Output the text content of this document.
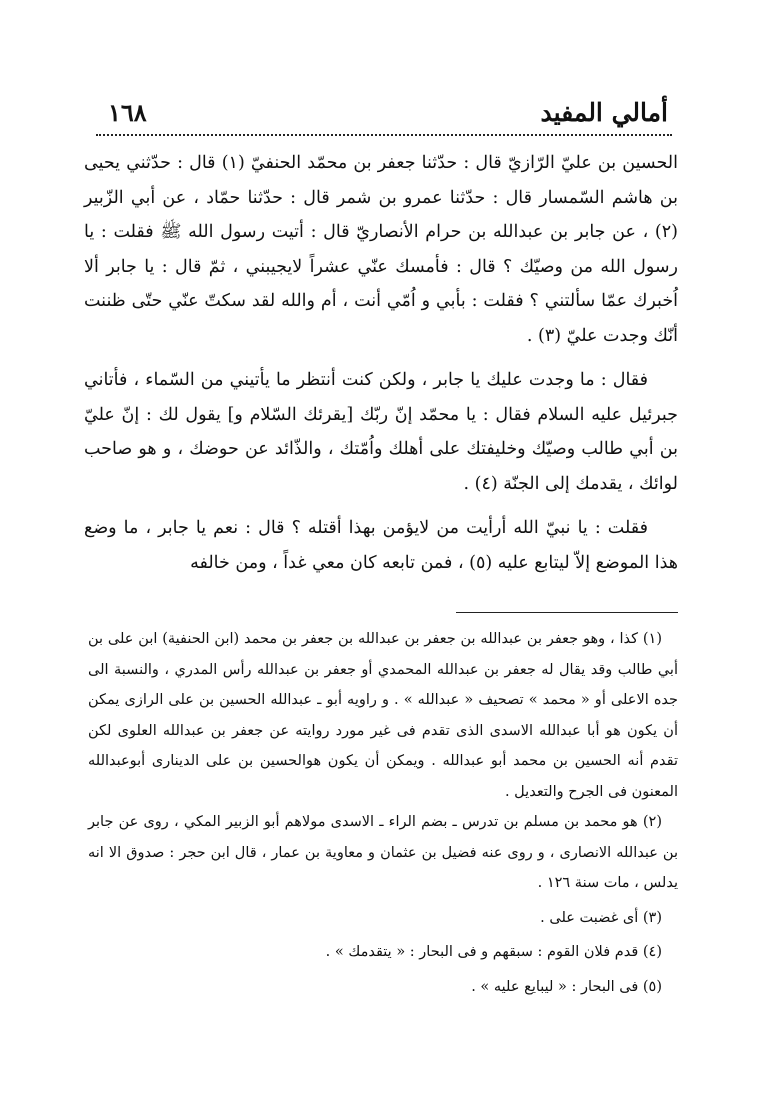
١٦٨	أمالي المفيد

الحسين بن عليّ الرّازيّ قال : حدّثنا جعفر بن محمّد الحنفيّ (١) قال : حدّثني يحيى بن هاشم السّمسار قال : حدّثنا عمرو بن شمر قال : حدّثنا حمّاد ، عن أبي الزّبير (٢) ، عن جابر بن عبدالله بن حرام الأنصاريّ قال : أتيت رسول الله ﷺ فقلت : يا رسول الله من وصيّك ؟ قال : فأمسك عنّي عشراً لايجيبني ، ثمّ قال : يا جابر ألا اُخبرك عمّا سألتني ؟ فقلت : بأبي و اُمّي أنت ، أم والله لقد سكتّ عنّي حتّى ظننت أنّك وجدت عليّ (٣) .

فقال : ما وجدت عليك يا جابر ، ولكن كنت أنتظر ما يأتيني من السّماء ، فأتاني جبرئيل عليه السلام فقال : يا محمّد إنّ ربّك [يقرئك السّلام و] يقول لك : إنّ عليّ بن أبي طالب وصيّك وخليفتك على أهلك واُمّتك ، والذّائد عن حوضك ، و هو صاحب لوائك ، يقدمك إلى الجنّة (٤) .

فقلت : يا نبيّ الله أرأيت من لايؤمن بهذا أقتله ؟ قال : نعم يا جابر ، ما وضع هذا الموضع إلاّ ليتابع عليه (٥) ، فمن تابعه كان معي غداً ، ومن خالفه

(١) كذا ، وهو جعفر بن عبدالله بن جعفر بن عبدالله بن جعفر بن محمد (ابن الحنفية) ابن على بن أبي طالب وقد يقال له جعفر بن عبدالله المحمدي أو جعفر بن عبدالله رأس المدري ، والنسبة الى جده الاعلى أو « محمد » تصحيف « عبدالله » . و راويه أبو ـ عبدالله الحسين بن على الرازى يمكن أن يكون هو أبا عبدالله الاسدى الذى تقدم فى غير مورد روايته عن جعفر بن عبدالله العلوى لكن تقدم أنه الحسين بن محمد أبو عبدالله . ويمكن أن يكون هوالحسين بن على الدينارى أبوعبدالله المعنون فى الجرح والتعديل .

(٢) هو محمد بن مسلم بن تدرس ـ بضم الراء ـ الاسدى مولاهم أبو الزبير المكي ، روى عن جابر بن عبدالله الانصارى ، و روى عنه فضيل بن عثمان و معاوية بن عمار ، قال ابن حجر : صدوق الا انه يدلس ، مات سنة ١٢٦ .

(٣) أى غضبت على .

(٤) قدم فلان القوم : سبقهم و فى البحار : « يتقدمك » .

(٥) فى البحار : « ليبايع عليه » .
